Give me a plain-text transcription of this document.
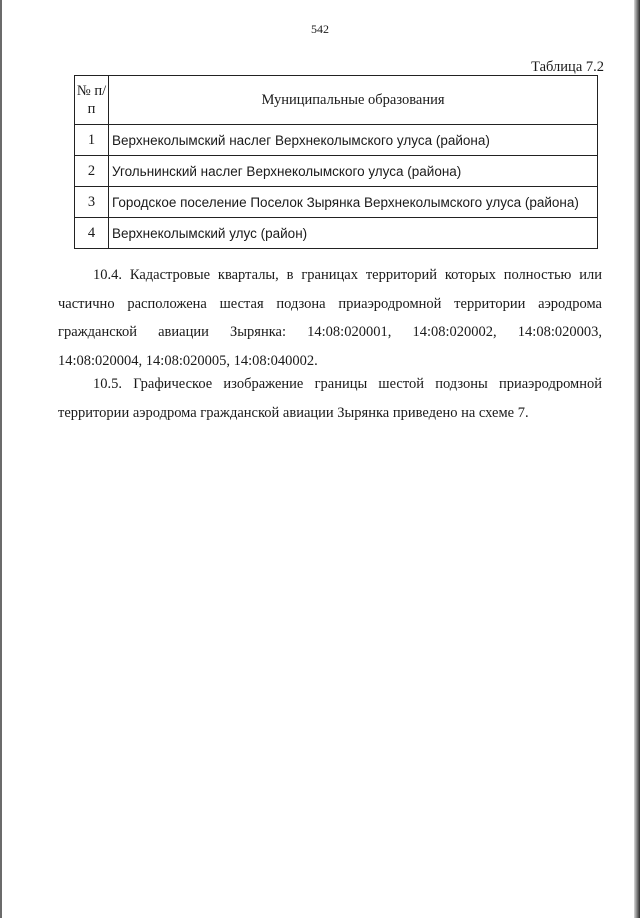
542
Таблица 7.2
№ п/п	Муниципальные образования
1	Верхнеколымский наслег Верхнеколымского улуса (района)
2	Угольнинский наслег Верхнеколымского улуса (района)
3	Городское поселение Поселок Зырянка Верхнеколымского улуса (района)
4	Верхнеколымский улус (район)

10.4. Кадастровые кварталы, в границах территорий которых полностью или частично расположена шестая подзона приаэродромной территории аэродрома гражданской авиации Зырянка: 14:08:020001, 14:08:020002, 14:08:020003, 14:08:020004, 14:08:020005, 14:08:040002.

10.5. Графическое изображение границы шестой подзоны приаэродромной территории аэродрома гражданской авиации Зырянка приведено на схеме 7.
